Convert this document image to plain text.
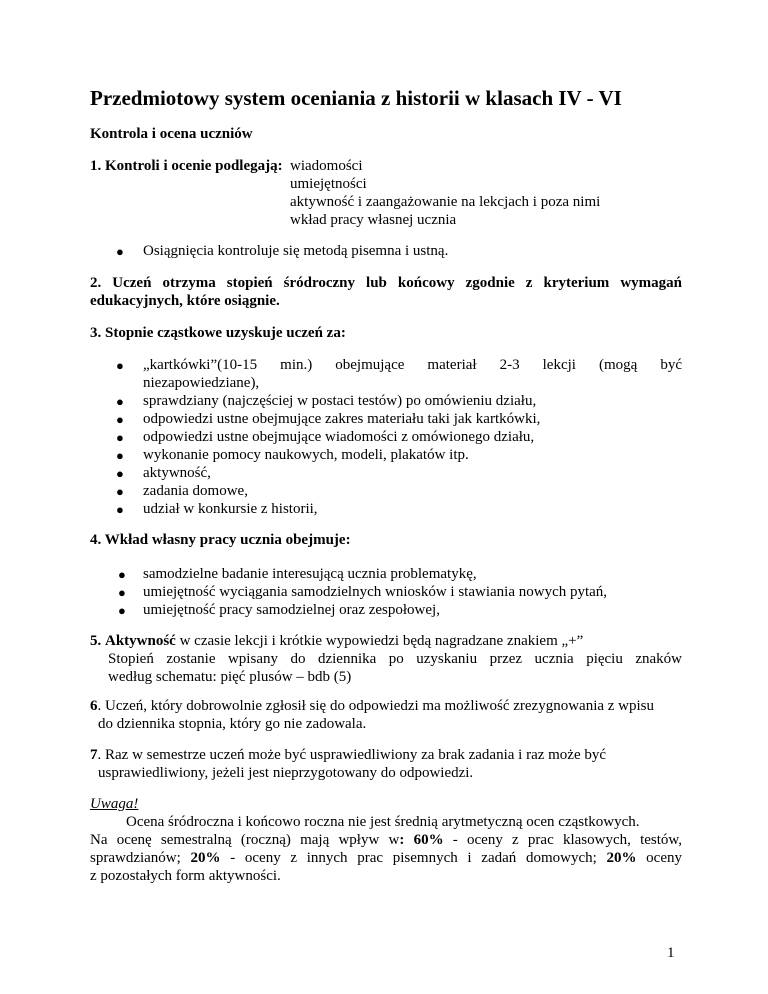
Przedmiotowy system oceniania z historii w klasach IV - VI
Kontrola i ocena uczniów
1. Kontroli i ocenie podlegają: wiadomości
umiejętności
aktywność i zaangażowanie na lekcjach i poza nimi
wkład pracy własnej ucznia
● Osiągnięcia kontroluje się metodą pisemna i ustną.
2. Uczeń otrzyma stopień śródroczny lub końcowy zgodnie z kryterium wymagań
edukacyjnych, które osiągnie.
3. Stopnie cząstkowe uzyskuje uczeń za:
● „kartkówki”(10-15 min.) obejmujące materiał 2-3 lekcji (mogą być
niezapowiedziane),
● sprawdziany (najczęściej w postaci testów) po omówieniu działu,
● odpowiedzi ustne obejmujące zakres materiału taki jak kartkówki,
● odpowiedzi ustne obejmujące wiadomości z omówionego działu,
● wykonanie pomocy naukowych, modeli, plakatów itp.
● aktywność,
● zadania domowe,
● udział w konkursie z historii,
4. Wkład własny pracy ucznia obejmuje:
● samodzielne badanie interesującą ucznia problematykę,
● umiejętność wyciągania samodzielnych wniosków i stawiania nowych pytań,
● umiejętność pracy samodzielnej oraz zespołowej,
5. Aktywność w czasie lekcji i krótkie wypowiedzi będą nagradzane znakiem „+”
Stopień zostanie wpisany do dziennika po uzyskaniu przez ucznia pięciu znaków
według schematu: pięć plusów – bdb (5)
6. Uczeń, który dobrowolnie zgłosił się do odpowiedzi ma możliwość zrezygnowania z wpisu
do dziennika stopnia, który go nie zadowala.
7. Raz w semestrze uczeń może być usprawiedliwiony za brak zadania i raz może być
usprawiedliwiony, jeżeli jest nieprzygotowany do odpowiedzi.
Uwaga!
Ocena śródroczna i końcowo roczna nie jest średnią arytmetyczną ocen cząstkowych.
Na ocenę semestralną (roczną) mają wpływ w: 60% - oceny z prac klasowych, testów,
sprawdzianów; 20% - oceny z innych prac pisemnych i zadań domowych; 20% oceny
z pozostałych form aktywności.
1
